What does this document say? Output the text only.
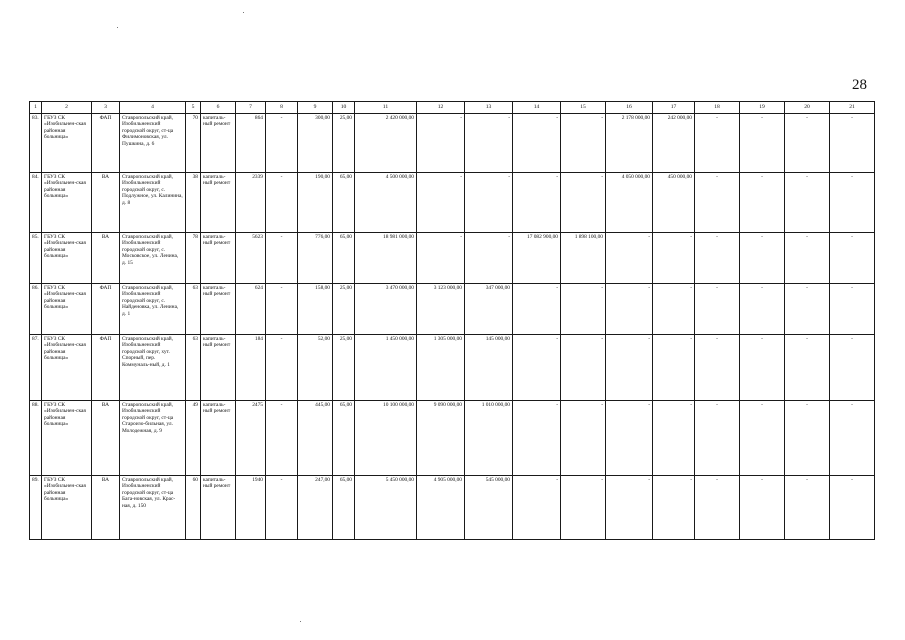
28
1	2	3	4	5	6	7	8	9	10	11	12	13	14	15	16	17	18	19	20	21
83.	ГБУЗ СК «Изобильнен-ская районная больница»	ФАП	Ставропольский край, Изобильненский городской округ, ст-ца Филимоновская, ул. Пушкина, д. 6	70	капиталь-ный ремонт	864	-	300,00	25,00	2 420 000,00	-	-	-	-	2 178 000,00	242 000,00	-	-	-	-
84.	ГБУЗ СК «Изобильнен-ская районная больница»	ВА	Ставропольский край, Изобильненский городской округ, с. Подлужное, ул. Калинина, д. 8	38	капиталь-ный ремонт	2339	-	190,00	65,00	4 500 000,00	-	-	-	-	4 050 000,00	450 000,00	-	-	-	-
85.	ГБУЗ СК «Изобильнен-ская районная больница»	ВА	Ставропольский край, Изобильненский городской округ, с. Московское, ул. Ленина, д. 15	78	капиталь-ный ремонт	5623	-	776,00	65,00	18 981 000,00	-	-	17 082 900,00	1 898 100,00	-	-	-	-	-	-
86.	ГБУЗ СК «Изобильнен-ская районная больница»	ФАП	Ставропольский край, Изобильненский городской округ, с. Найденовка, ул. Ленина, д. 1	63	капиталь-ный ремонт	624	-	158,00	25,00	3 470 000,00	3 123 000,00	347 000,00	-	-	-	-	-	-	-	-
87.	ГБУЗ СК «Изобильнен-ская районная больница»	ФАП	Ставропольский край, Изобильненский городской округ, хут. Спорный, пер. Коммуналь-ный, д. 1	63	капиталь-ный ремонт	184	-	52,00	25,00	1 450 000,00	1 305 000,00	145 000,00	-	-	-	-	-	-	-	-
88.	ГБУЗ СК «Изобильнен-ская районная больница»	ВА	Ставропольский край, Изобильненский городской округ, ст-ца Староизо-бильная, ул. Молодежная, д. 9	49	капиталь-ный ремонт	2475	-	445,00	65,00	10 100 000,00	9 090 000,00	1 010 000,00	-	-	-	-	-	-	-	-
89.	ГБУЗ СК «Изобильнен-ская районная больница»	ВА	Ставропольский край, Изобильненский городской округ, ст-ца Бага-новская, ул. Крас-ная, д. 150	60	капиталь-ный ремонт	1940	-	247,00	65,00	5 450 000,00	4 905 000,00	545 000,00	-	-	-	-	-	-	-	-
